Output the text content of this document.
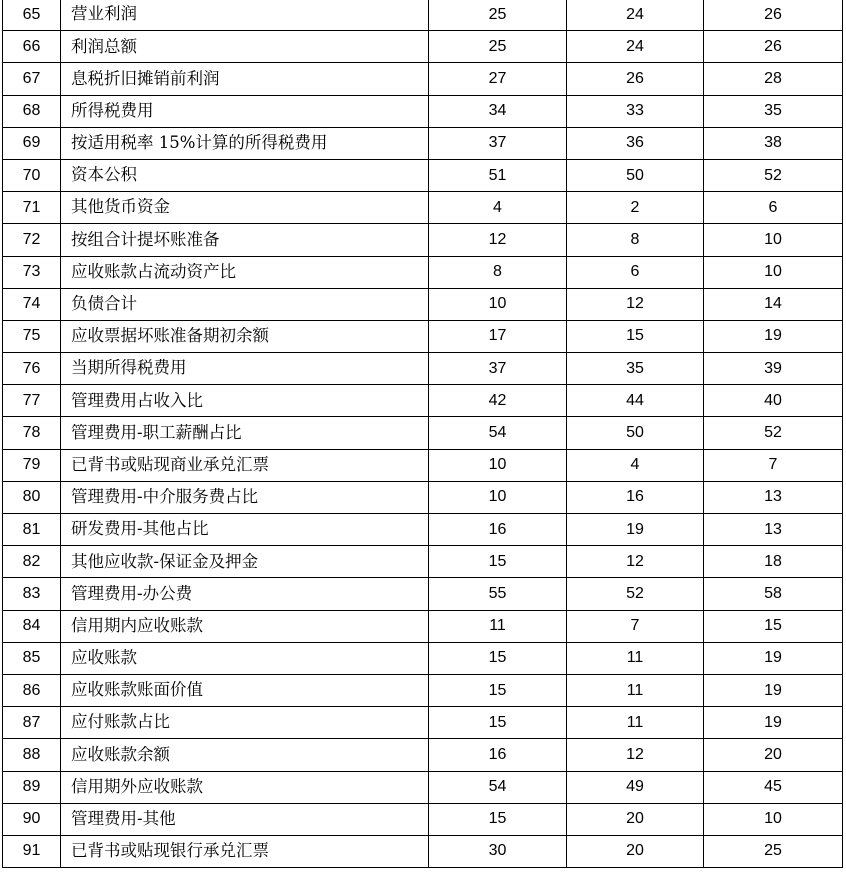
65	营业利润	25	24	26
66	利润总额	25	24	26
67	息税折旧摊销前利润	27	26	28
68	所得税费用	34	33	35
69	按适用税率 15%计算的所得税费用	37	36	38
70	资本公积	51	50	52
71	其他货币资金	4	2	6
72	按组合计提坏账准备	12	8	10
73	应收账款占流动资产比	8	6	10
74	负债合计	10	12	14
75	应收票据坏账准备期初余额	17	15	19
76	当期所得税费用	37	35	39
77	管理费用占收入比	42	44	40
78	管理费用-职工薪酬占比	54	50	52
79	已背书或贴现商业承兑汇票	10	4	7
80	管理费用-中介服务费占比	10	16	13
81	研发费用-其他占比	16	19	13
82	其他应收款-保证金及押金	15	12	18
83	管理费用-办公费	55	52	58
84	信用期内应收账款	11	7	15
85	应收账款	15	11	19
86	应收账款账面价值	15	11	19
87	应付账款占比	15	11	19
88	应收账款余额	16	12	20
89	信用期外应收账款	54	49	45
90	管理费用-其他	15	20	10
91	已背书或贴现银行承兑汇票	30	20	25
